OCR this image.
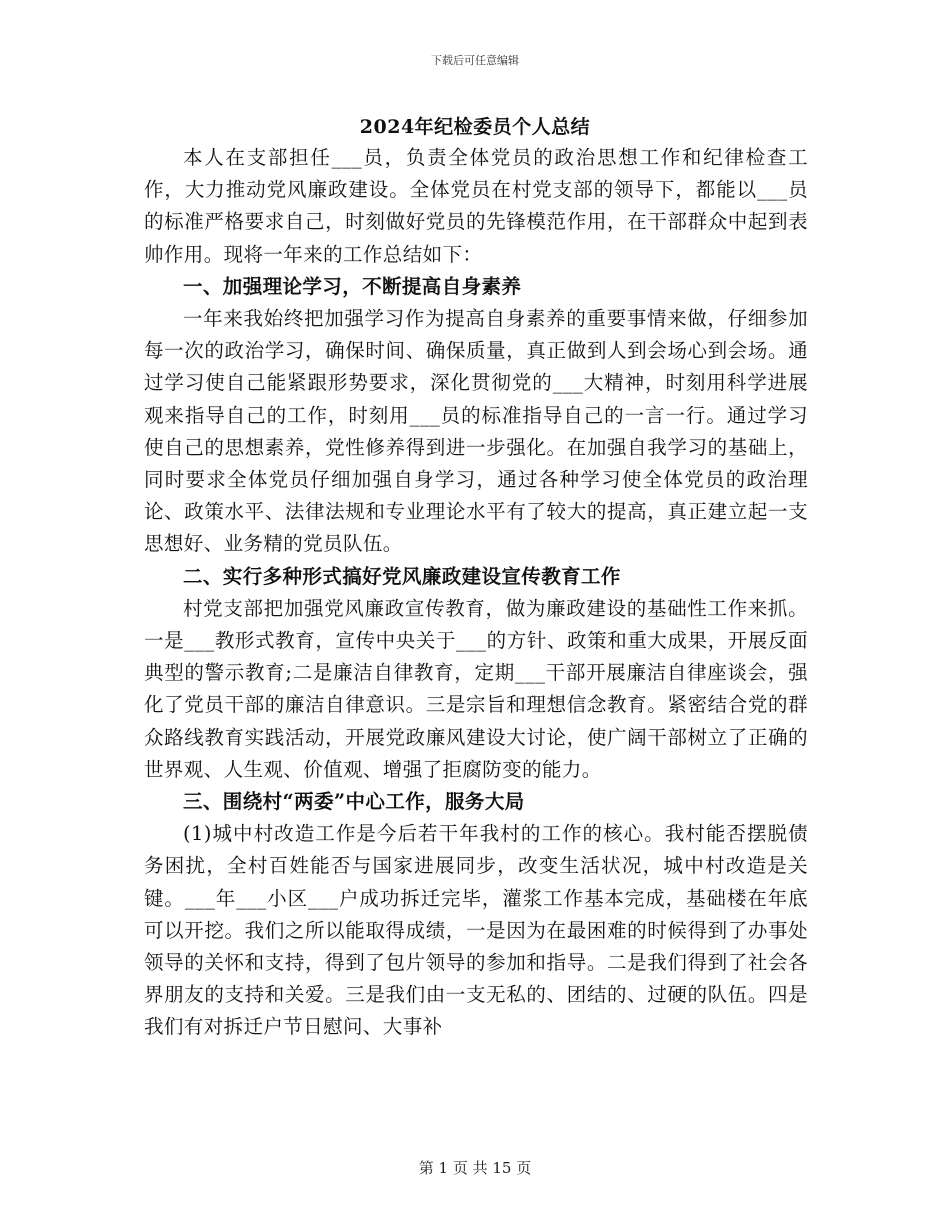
下载后可任意编辑
2024年纪检委员个人总结

本人在支部担任___员，负责全体党员的政治思想工作和纪律检查工作，大力推动党风廉政建设。全体党员在村党支部的领导下，都能以___员的标准严格要求自己，时刻做好党员的先锋模范作用，在干部群众中起到表帅作用。现将一年来的工作总结如下：

一、加强理论学习，不断提高自身素养

一年来我始终把加强学习作为提高自身素养的重要事情来做，仔细参加每一次的政治学习，确保时间、确保质量，真正做到人到会场心到会场。通过学习使自己能紧跟形势要求，深化贯彻党的___大精神，时刻用科学进展观来指导自己的工作，时刻用___员的标准指导自己的一言一行。通过学习使自己的思想素养，党性修养得到进一步强化。在加强自我学习的基础上，同时要求全体党员仔细加强自身学习，通过各种学习使全体党员的政治理论、政策水平、法律法规和专业理论水平有了较大的提高，真正建立起一支思想好、业务精的党员队伍。

二、实行多种形式搞好党风廉政建设宣传教育工作

村党支部把加强党风廉政宣传教育，做为廉政建设的基础性工作来抓。一是___教形式教育，宣传中央关于___的方针、政策和重大成果，开展反面典型的警示教育;二是廉洁自律教育，定期___干部开展廉洁自律座谈会，强化了党员干部的廉洁自律意识。三是宗旨和理想信念教育。紧密结合党的群众路线教育实践活动，开展党政廉风建设大讨论，使广阔干部树立了正确的世界观、人生观、价值观、增强了拒腐防变的能力。

三、围绕村“两委”中心工作，服务大局

(1)城中村改造工作是今后若干年我村的工作的核心。我村能否摆脱债务困扰，全村百姓能否与国家进展同步，改变生活状况，城中村改造是关键。___年___小区___户成功拆迁完毕，灌浆工作基本完成，基础楼在年底可以开挖。我们之所以能取得成绩，一是因为在最困难的时候得到了办事处领导的关怀和支持，得到了包片领导的参加和指导。二是我们得到了社会各界朋友的支持和关爱。三是我们由一支无私的、团结的、过硬的队伍。四是我们有对拆迁户节日慰问、大事补

第 1 页 共 15 页
